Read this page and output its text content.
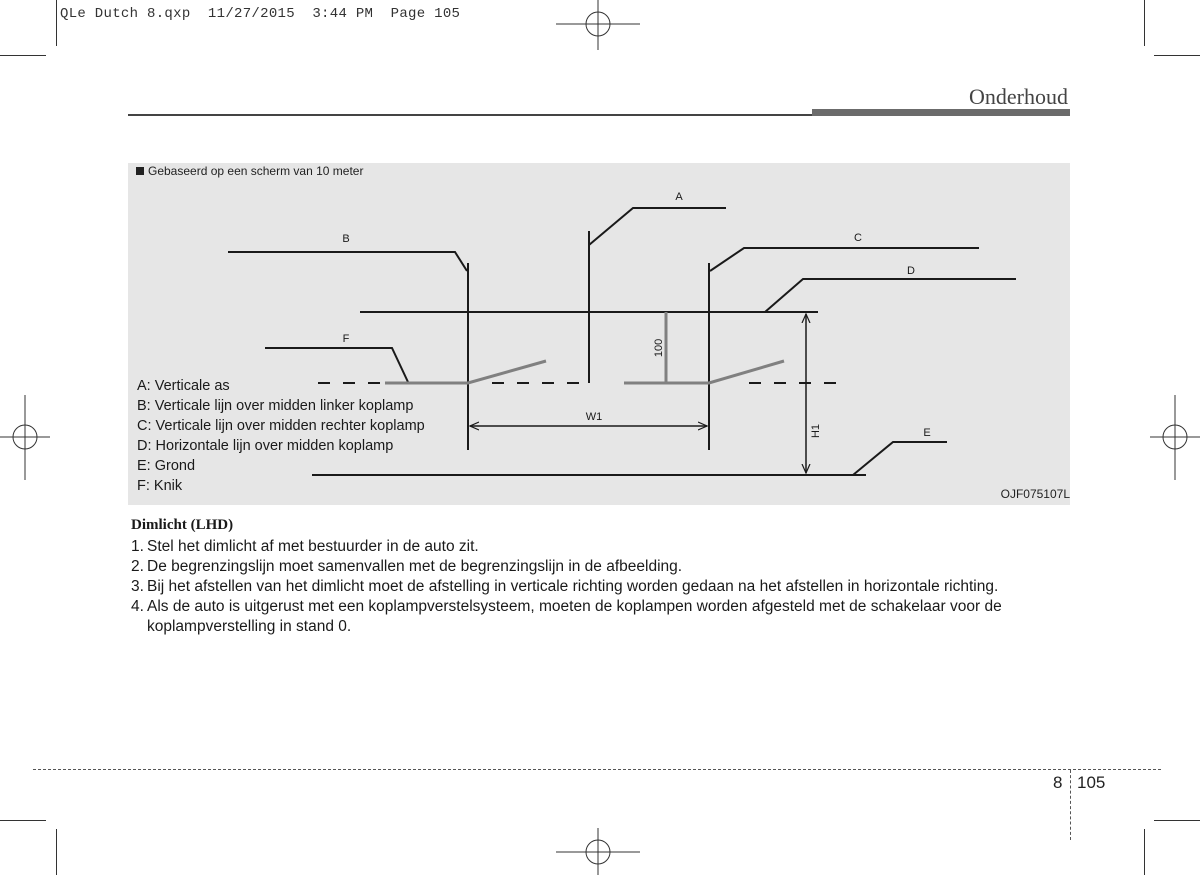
QLe Dutch 8.qxp  11/27/2015  3:44 PM  Page 105
Onderhoud
Gebaseerd op een scherm van 10 meter
A
B	C
D
F
E
W1
H1
100
A: Verticale as
B: Verticale lijn over midden linker koplamp
C: Verticale lijn over midden rechter koplamp
D: Horizontale lijn over midden koplamp
E: Grond
F: Knik	OJF075107L
Dimlicht (LHD)
1. Stel het dimlicht af met bestuurder in de auto zit.
2. De begrenzingslijn moet samenvallen met de begrenzingslijn in de afbeelding.
3. Bij het afstellen van het dimlicht moet de afstelling in verticale richting worden gedaan na het afstellen in horizontale richting.
4. Als de auto is uitgerust met een koplampverstelsysteem, moeten de koplampen worden afgesteld met de schakelaar voor de koplampverstelling in stand 0.
8 105
